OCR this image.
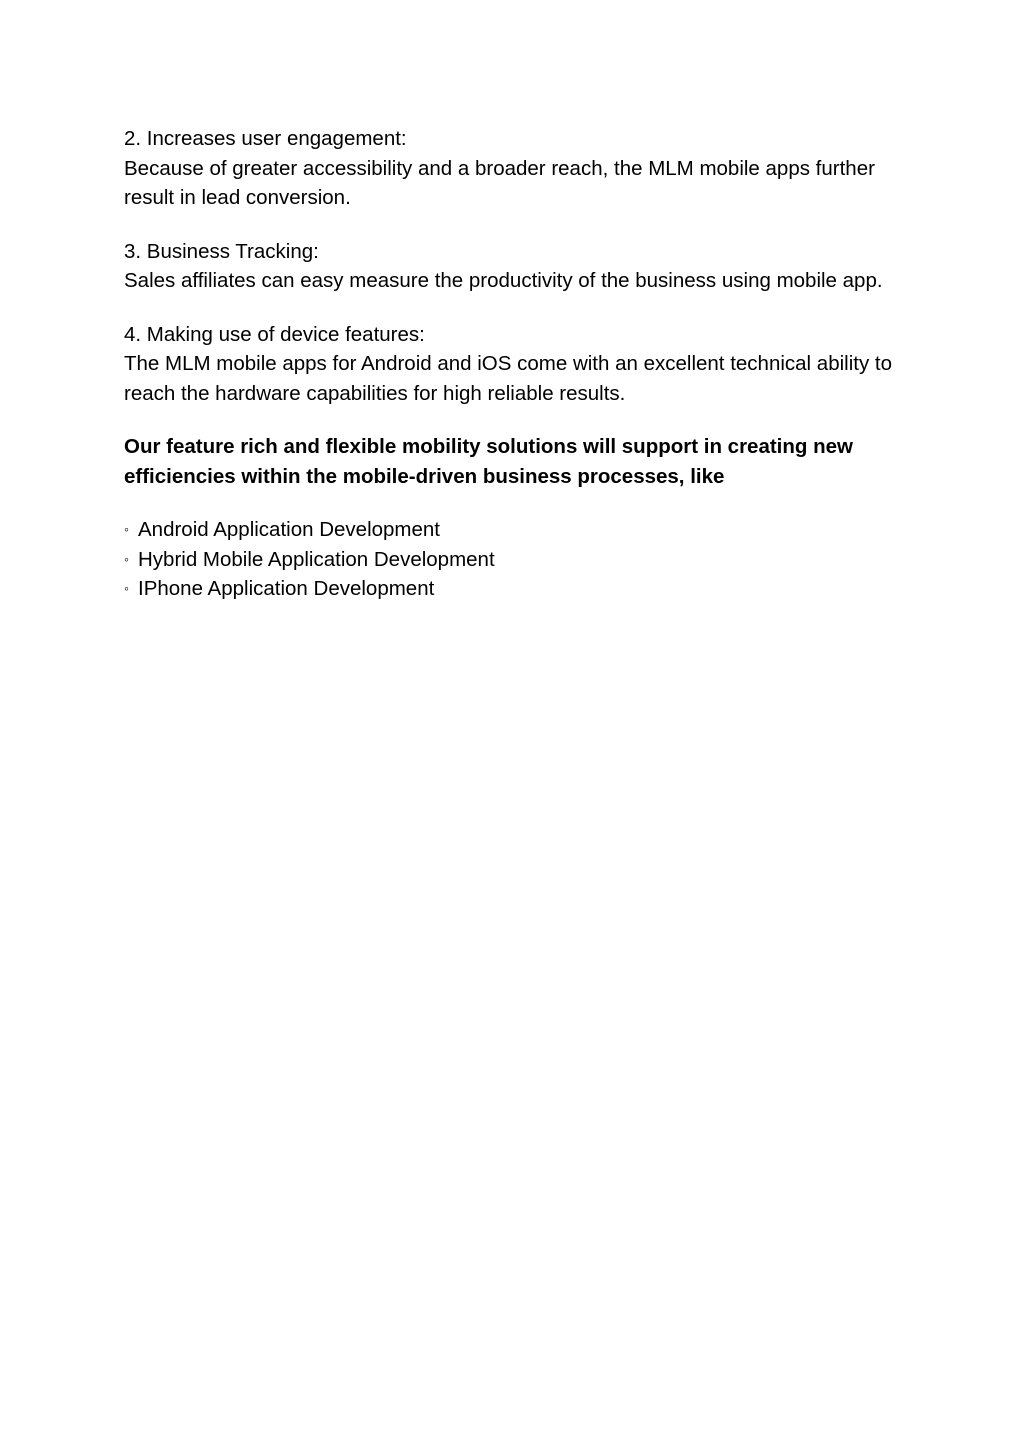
2. Increases user engagement:

Because of greater accessibility and a broader reach, the MLM mobile apps further result in lead conversion.

3. Business Tracking:

Sales affiliates can easy measure the productivity of the business using mobile app.

4. Making use of device features:

The MLM mobile apps for Android and iOS come with an excellent technical ability to reach the hardware capabilities for high reliable results.

Our feature rich and flexible mobility solutions will support in creating new efficiencies within the mobile-driven business processes, like

◦ Android Application Development
◦ Hybrid Mobile Application Development
◦ IPhone Application Development
